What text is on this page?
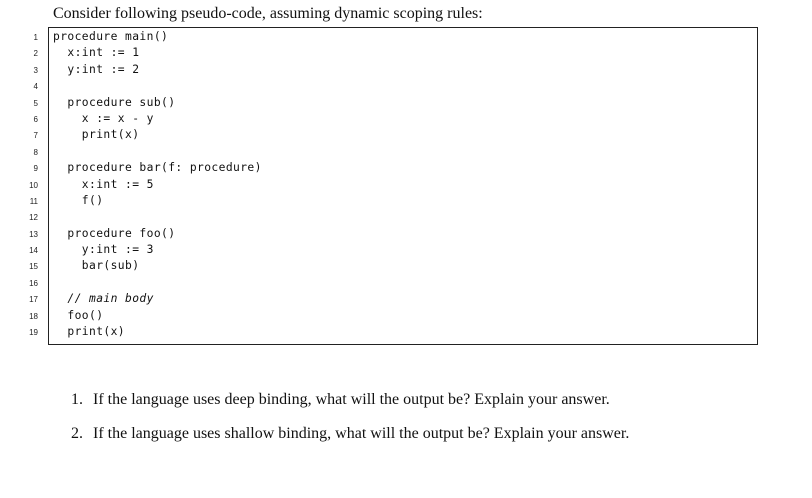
Consider following pseudo-code, assuming dynamic scoping rules:
1
2
3
4
5
6
7
8
9
10
11
12
13
14
15
16
17
18
19
procedure main()
x:int := 1
y:int := 2
procedure sub()
x := x - y
print(x)
procedure bar(f: procedure)
x:int := 5
f()
procedure foo()
y:int := 3
bar(sub)
// main body
foo()
print(x)
1. If the language uses deep binding, what will the output be? Explain your answer.
2. If the language uses shallow binding, what will the output be? Explain your answer.
